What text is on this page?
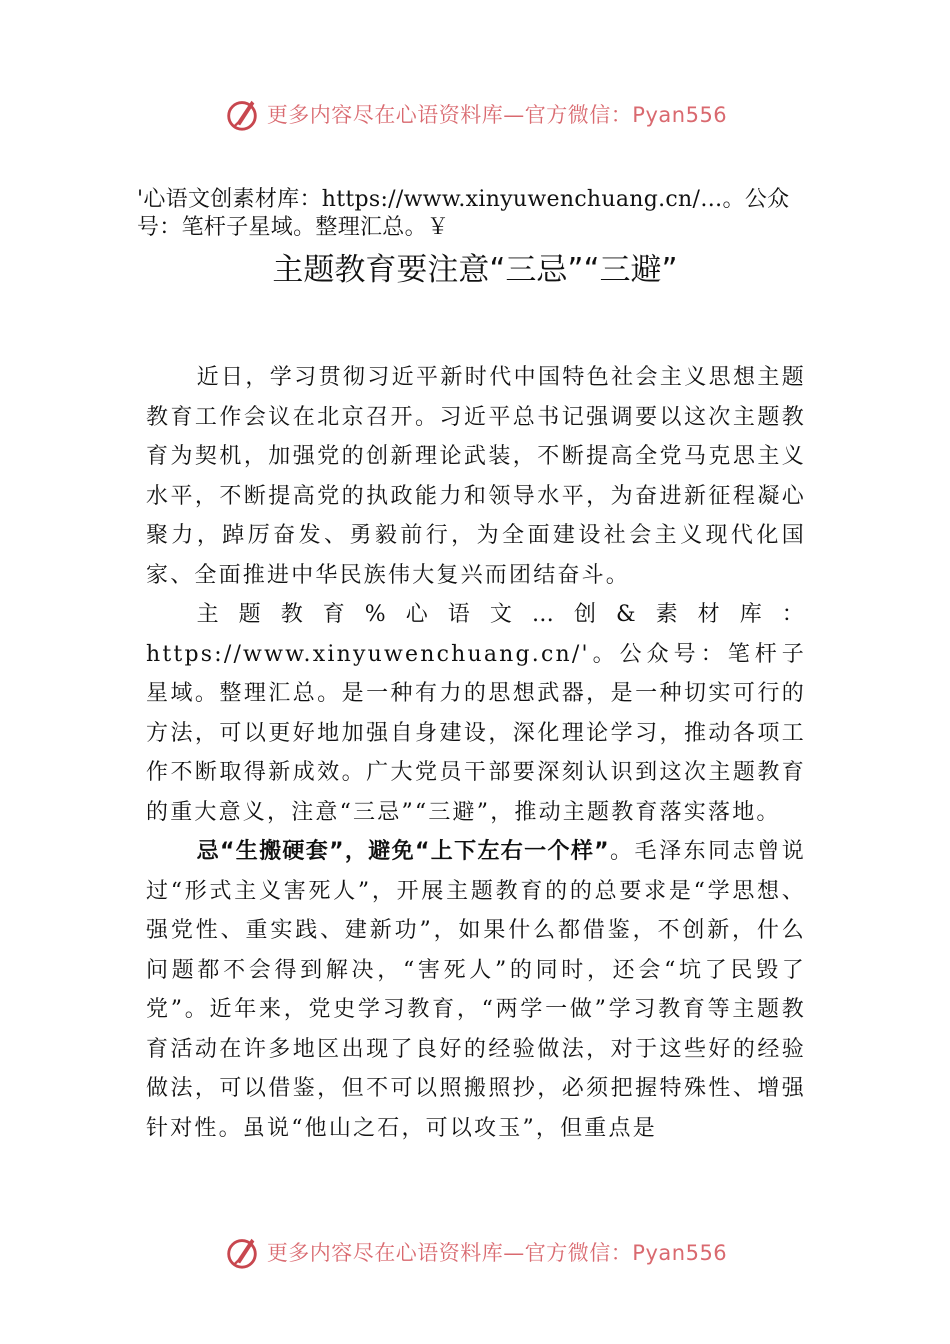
更多内容尽在心语资料库—官方微信：Pyan556
'心语文创素材库：https://www.xinyuwenchuang.cn/…。公众号：笔杆子星域。整理汇总。￥
主题教育要注意“三忌”“三避”

近日，学习贯彻习近平新时代中国特色社会主义思想主题教育工作会议在北京召开。习近平总书记强调要以这次主题教育为契机，加强党的创新理论武装，不断提高全党马克思主义水平，不断提高党的执政能力和领导水平，为奋进新征程凝心聚力，踔厉奋发、勇毅前行，为全面建设社会主义现代化国家、全面推进中华民族伟大复兴而团结奋斗。

主题教育%心语文…创&素材库：https://www.xinyuwenchuang.cn/'。公众号：笔杆子星域。整理汇总。是一种有力的思想武器，是一种切实可行的方法，可以更好地加强自身建设，深化理论学习，推动各项工作不断取得新成效。广大党员干部要深刻认识到这次主题教育的重大意义，注意“三忌”“三避”，推动主题教育落实落地。

忌“生搬硬套”，避免“上下左右一个样”。毛泽东同志曾说过“形式主义害死人”，开展主题教育的的总要求是“学思想、强党性、重实践、建新功”，如果什么都借鉴，不创新，什么问题都不会得到解决，“害死人”的同时，还会“坑了民毁了党”。近年来，党史学习教育，“两学一做”学习教育等主题教育活动在许多地区出现了良好的经验做法，对于这些好的经验做法，可以借鉴，但不可以照搬照抄，必须把握特殊性、增强针对性。虽说“他山之石，可以攻玉”，但重点是

更多内容尽在心语资料库—官方微信：Pyan556
